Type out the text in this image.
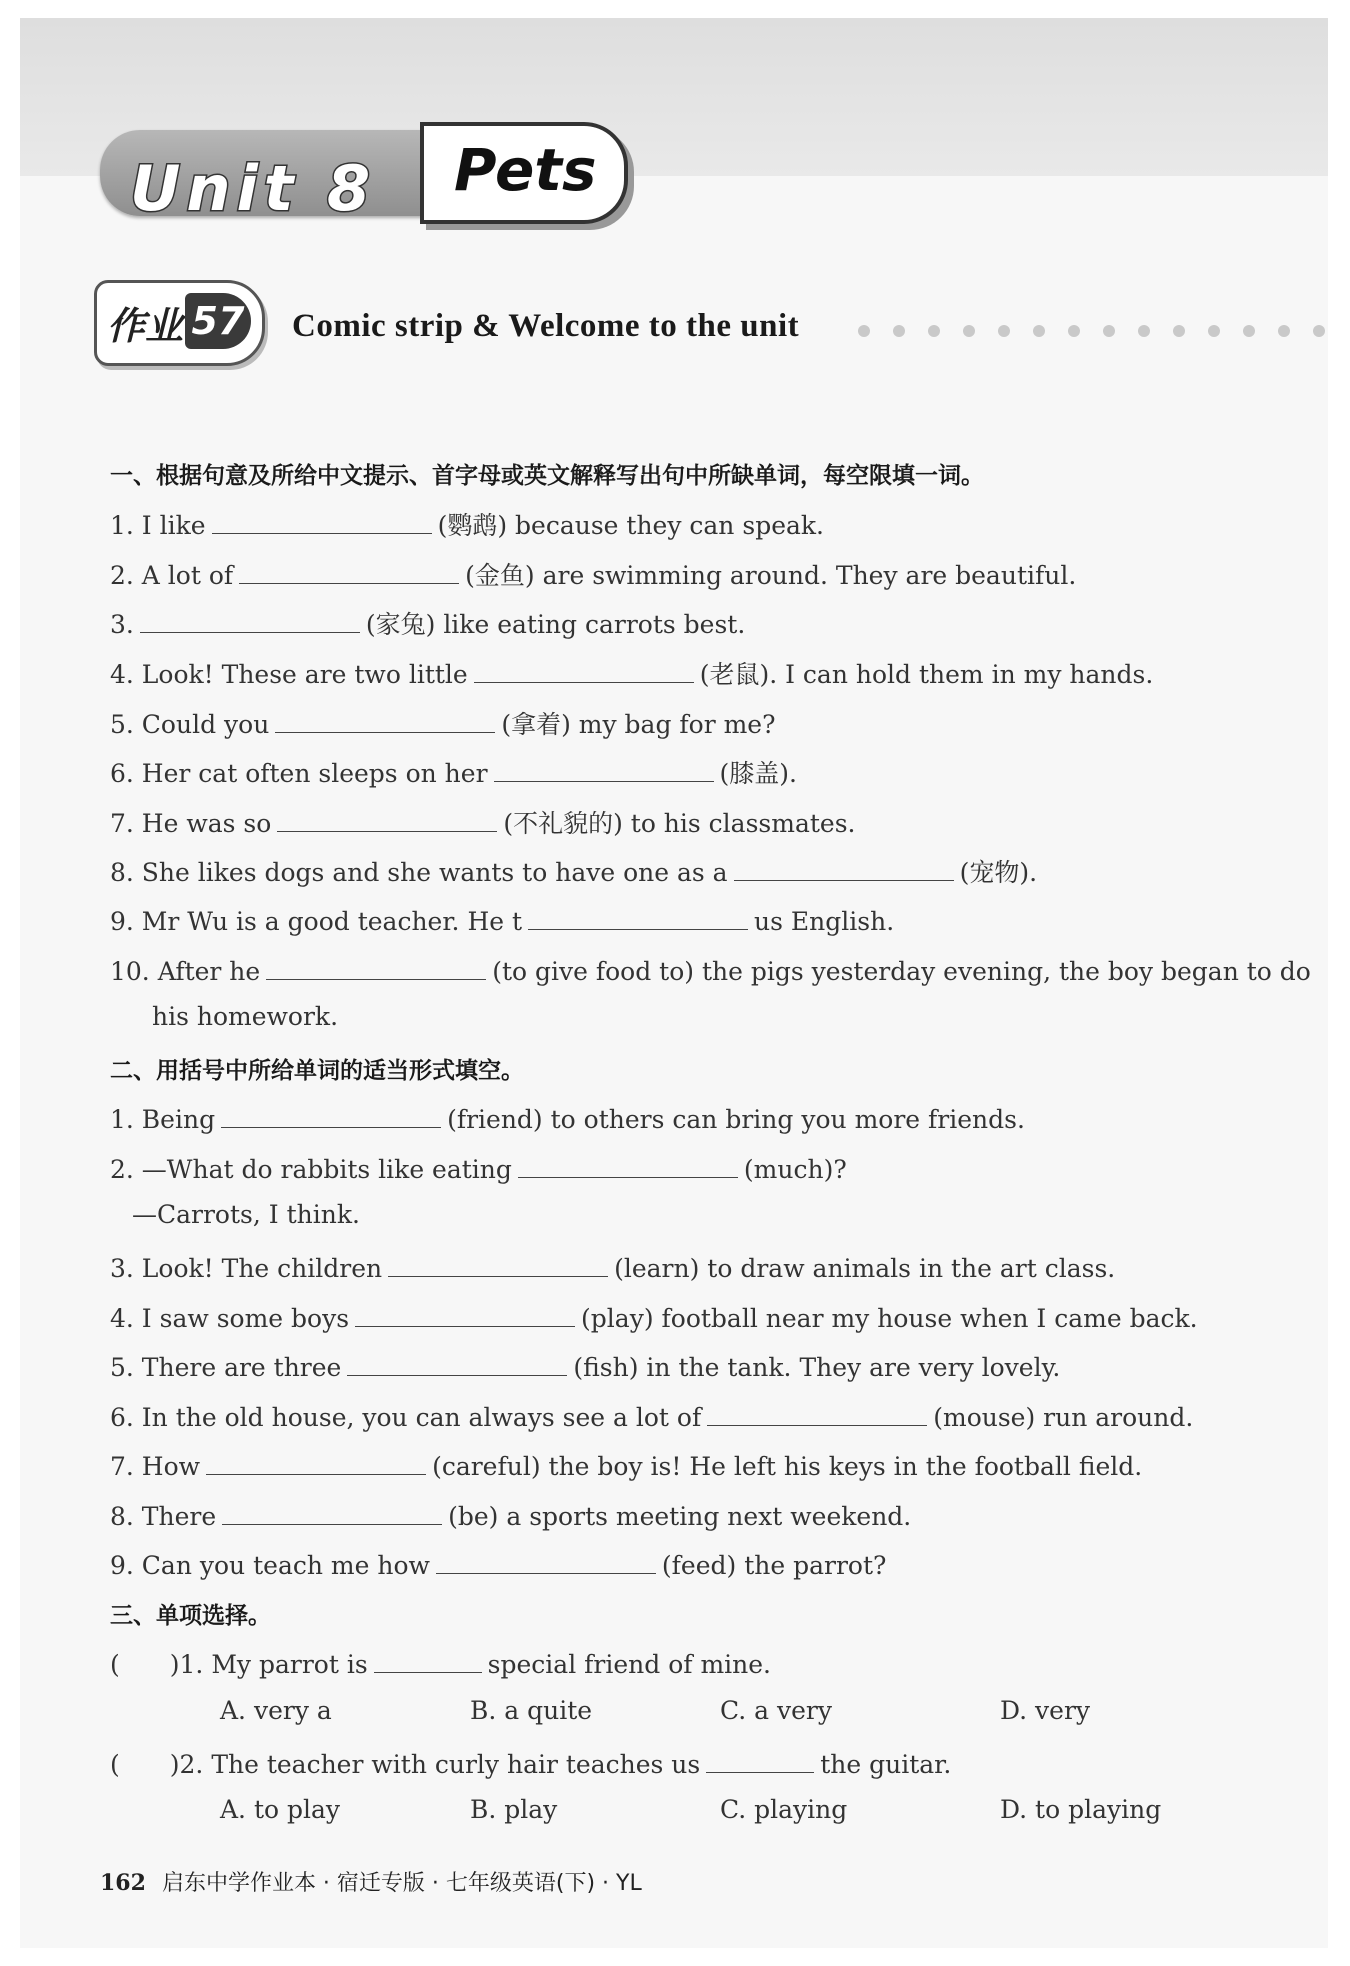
Unit 8 Pets
作业 57 Comic strip & Welcome to the unit
一、根据句意及所给中文提示、首字母或英文解释写出句中所缺单词，每空限填一词。
1. I like	(鹦鹉) because they can speak.
2. A lot of	(金鱼) are swimming around. They are beautiful.
3.	(家兔) like eating carrots best.
4. Look! These are two little	(老鼠). I can hold them in my hands.
5. Could you	(拿着) my bag for me?
6. Her cat often sleeps on her	(膝盖).
7. He was so	(不礼貌的) to his classmates.
8. She likes dogs and she wants to have one as a	(宠物).
9. Mr Wu is a good teacher. He t	us English.
10. After he	(to give food to) the pigs yesterday evening, the boy began to do
his homework.
二、用括号中所给单词的适当形式填空。
1. Being	(friend) to others can bring you more friends.
2. —What do rabbits like eating	(much)?
—Carrots, I think.
3. Look! The children	(learn) to draw animals in the art class.
4. I saw some boys	(play) football near my house when I came back.
5. There are three	(fish) in the tank. They are very lovely.
6. In the old house, you can always see a lot of	(mouse) run around.
7. How	(careful) the boy is! He left his keys in the football field.
8. There	(be) a sports meeting next weekend.
9. Can you teach me how	(feed) the parrot?
三、单项选择。
( )1. My parrot is	special friend of mine.
A. very a	B. a quite	C. a very	D. very
( )2. The teacher with curly hair teaches us	the guitar.
A. to play	B. play	C. playing	D. to playing
162 启东中学作业本 · 宿迁专版 · 七年级英语(下) · YL
